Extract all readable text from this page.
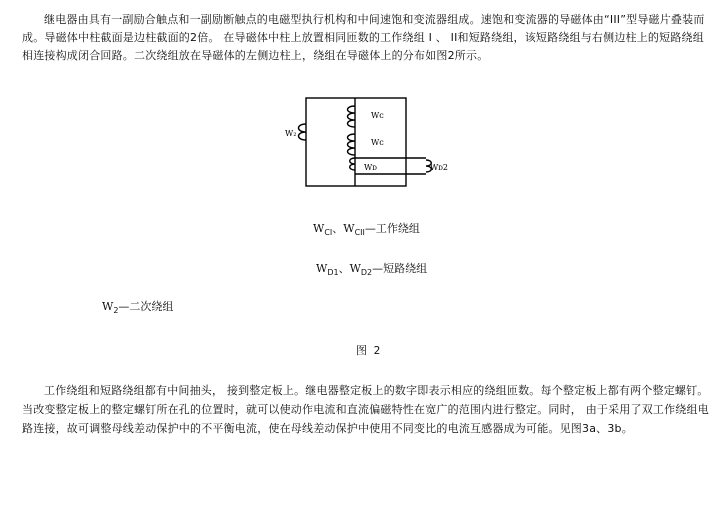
继电器由具有一副励合触点和一副励断触点的电磁型执行机构和中间速饱和变流器组成。速饱和变流器的导磁体由“III”型导磁片叠装而成。导磁体中柱截面是边柱截面的2倍。 在导磁体中柱上放置相同匝数的工作绕组 I 、 II和短路绕组，该短路绕组与右侧边柱上的短路绕组相连接构成闭合回路。二次绕组放在导磁体的左侧边柱上，绕组在导磁体上的分布如图2所示。

W₂
Wᴄ
Wᴄ
Wᴅ	Wᴅ2
$W_{CI}$、$W_{CII}—$工作绕组
$W_{D1}$、$W_{D2}—$短路绕组
$W_2—$二次绕组
图 2

工作绕组和短路绕组都有中间抽头， 接到整定板上。继电器整定板上的数字即表示相应的绕组匝数。每个整定板上都有两个整定螺钉。当改变整定板上的整定螺钉所在孔的位置时，就可以使动作电流和直流偏磁特性在宽广的范围内进行整定。同时， 由于采用了双工作绕组电路连接，故可调整母线差动保护中的不平衡电流，使在母线差动保护中使用不同变比的电流互感器成为可能。见图3a、3b。
